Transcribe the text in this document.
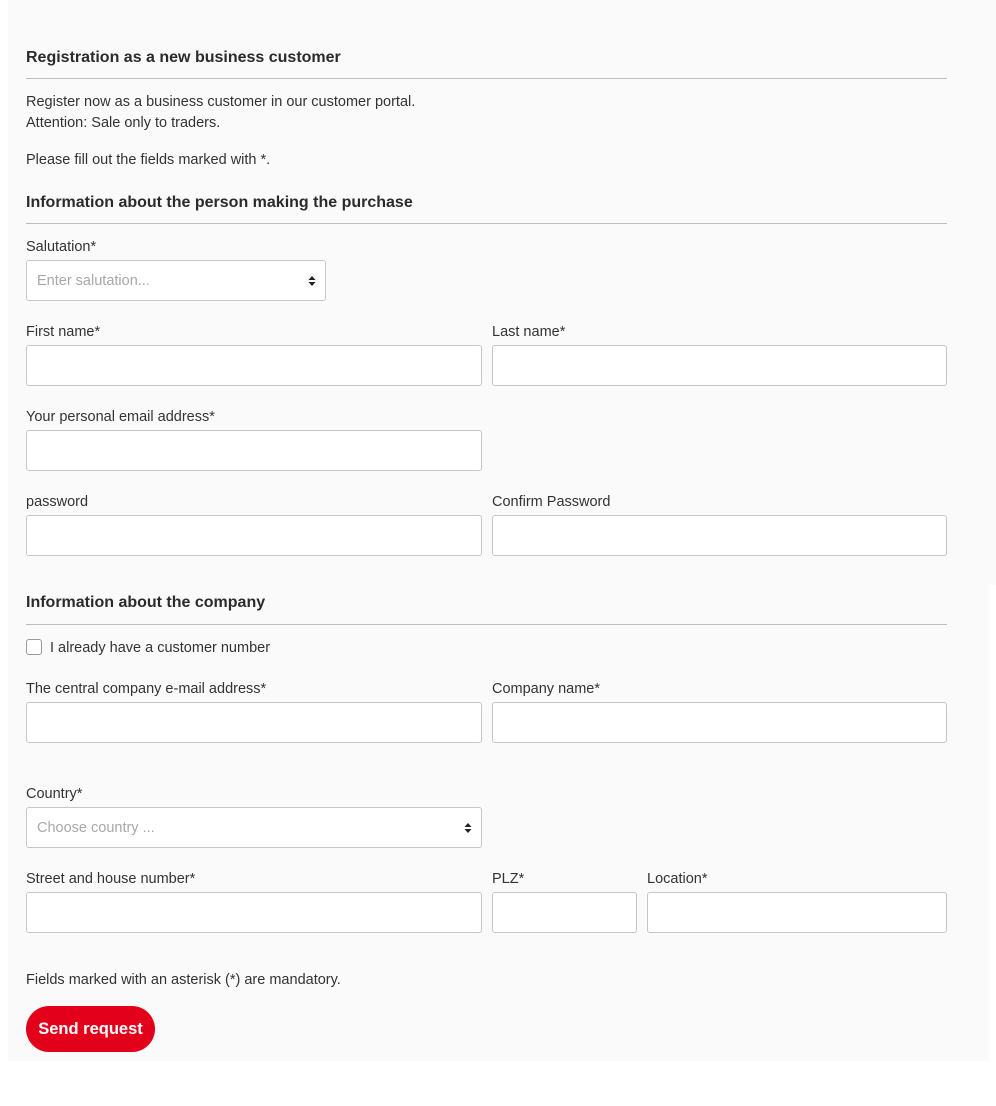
Registration as a new business customer
Register now as a business customer in our customer portal.
Attention: Sale only to traders.
Please fill out the fields marked with *.
Information about the person making the purchase
Salutation*
Enter salutation...
First name*	Last name*
Your personal email address*
password	Confirm Password
Information about the company
I already have a customer number
The central company e-mail address*	Company name*
Country*
Choose country ...
Street and house number*	PLZ*	Location*
Fields marked with an asterisk (*) are mandatory.
Send request
